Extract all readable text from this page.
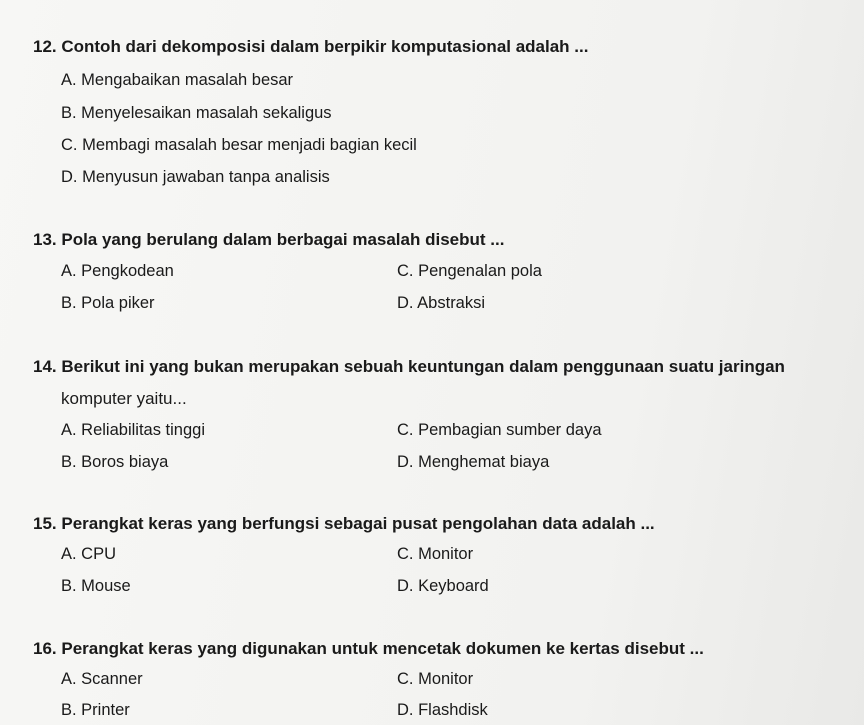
12. Contoh dari dekomposisi dalam berpikir komputasional adalah ...
A. Mengabaikan masalah besar
B. Menyelesaikan masalah sekaligus
C. Membagi masalah besar menjadi bagian kecil
D. Menyusun jawaban tanpa analisis
13. Pola yang berulang dalam berbagai masalah disebut ...
A. Pengkodean	C. Pengenalan pola
B. Pola piker	D. Abstraksi
14. Berikut ini yang bukan merupakan sebuah keuntungan dalam penggunaan suatu jaringan
komputer yaitu...
A. Reliabilitas tinggi	C. Pembagian sumber daya
B. Boros biaya	D. Menghemat biaya
15. Perangkat keras yang berfungsi sebagai pusat pengolahan data adalah ...
A. CPU	C. Monitor
B. Mouse	D. Keyboard
16. Perangkat keras yang digunakan untuk mencetak dokumen ke kertas disebut ...
A. Scanner	C. Monitor
B. Printer	D. Flashdisk
